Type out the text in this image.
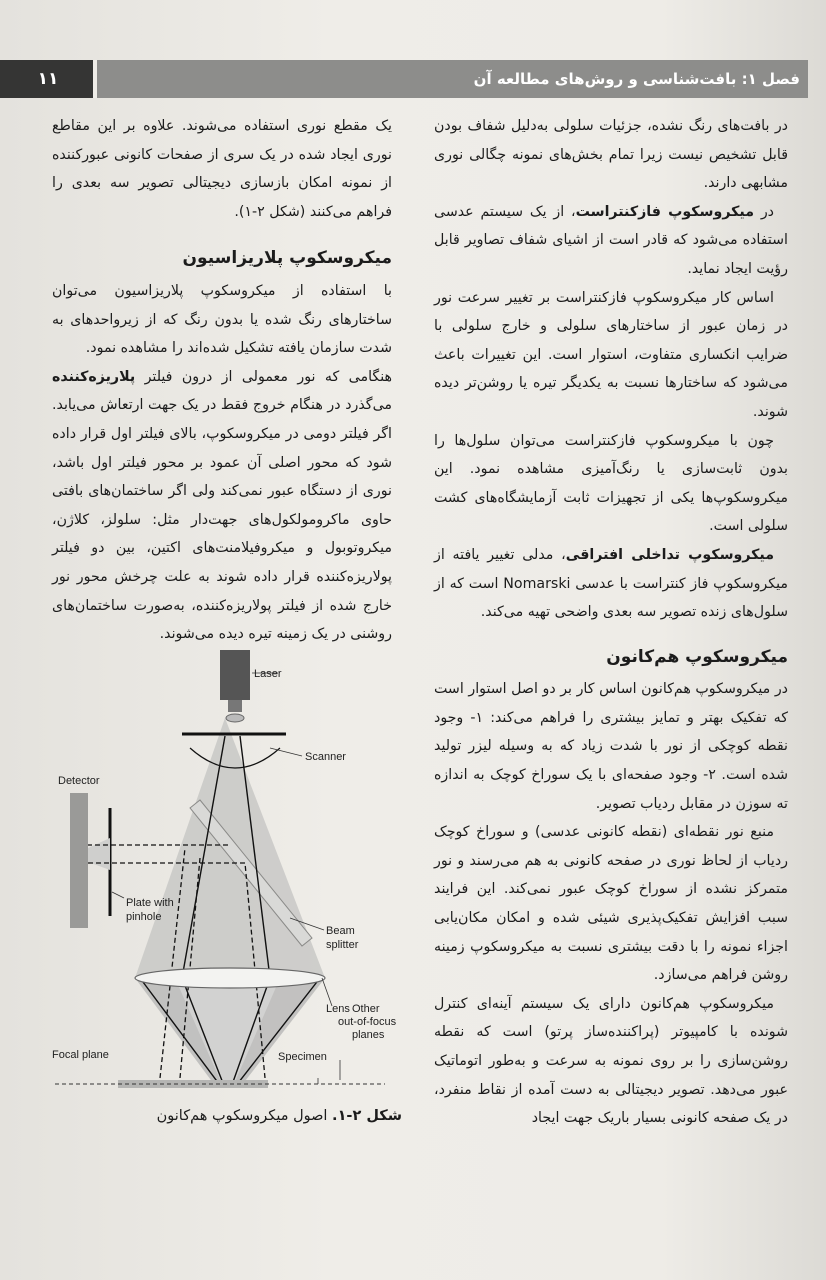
۱۱	فصل ۱: بافت‌شناسی و روش‌های مطالعه آن

در بافت‌های رنگ نشده، جزئیات سلولی به‌دلیل شفاف بودن قابل تشخیص نیست زیرا تمام بخش‌های نمونه چگالی نوری مشابهی دارند.

در میکروسکوپ فازکنتراست، از یک سیستم عدسی استفاده می‌شود که قادر است از اشیای شفاف تصاویر قابل رؤیت ایجاد نماید.

اساس کار میکروسکوپ فازکنتراست بر تغییر سرعت نور در زمان عبور از ساختارهای سلولی و خارج سلولی با ضرایب انکساری متفاوت، استوار است. این تغییرات باعث می‌شود که ساختارها نسبت به یکدیگر تیره یا روشن‌تر دیده شوند.

چون با میکروسکوپ فازکنتراست می‌توان سلول‌ها را بدون ثابت‌سازی یا رنگ‌آمیزی مشاهده نمود. این میکروسکوپ‌ها یکی از تجهیزات ثابت آزمایشگاه‌های کشت سلولی است.

میکروسکوپ تداخلی افتراقی، مدلی تغییر یافته از میکروسکوپ فاز کنتراست با عدسی Nomarski است که از سلول‌های زنده تصویر سه بعدی واضحی تهیه می‌کند.

میکروسکوپ هم‌کانون

در میکروسکوپ هم‌کانون اساس کار بر دو اصل استوار است که تفکیک بهتر و تمایز بیشتری را فراهم می‌کند: ۱- وجود نقطه کوچکی از نور با شدت زیاد که به وسیله لیزر تولید شده است. ۲- وجود صفحه‌ای با یک سوراخ کوچک به اندازه ته سوزن در مقابل ردیاب تصویر.

منبع نور نقطه‌ای (نقطه کانونی عدسی) و سوراخ کوچک ردیاب از لحاظ نوری در صفحه کانونی به هم می‌رسند و نور متمرکز نشده از سوراخ کوچک عبور نمی‌کند. این فرایند سبب افزایش تفکیک‌پذیری شیئی شده و امکان مکان‌یابی اجزاء نمونه را با دقت بیشتری نسبت به میکروسکوپ زمینه روشن فراهم می‌سازد.

میکروسکوپ هم‌کانون دارای یک سیستم آینه‌ای کنترل شونده با کامپیوتر (پراکننده‌ساز پرتو) است که نقطه روشن‌سازی را بر روی نمونه به سرعت و به‌طور اتوماتیک عبور می‌دهد. تصویر دیجیتالی به دست آمده از نقاط منفرد، در یک صفحه کانونی بسیار باریک جهت ایجاد

یک مقطع نوری استفاده می‌شوند. علاوه بر این مقاطع نوری ایجاد شده در یک سری از صفحات کانونی عبورکننده از نمونه امکان بازسازی دیجیتالی تصویر سه بعدی را فراهم می‌کنند (شکل ۲-۱).

میکروسکوپ پلاریزاسیون

با استفاده از میکروسکوپ پلاریزاسیون می‌توان ساختارهای رنگ شده یا بدون رنگ که از زیرواحدهای به شدت سازمان یافته تشکیل شده‌اند را مشاهده نمود.

هنگامی که نور معمولی از درون فیلتر پلاریزه‌کننده می‌گذرد در هنگام خروج فقط در یک جهت ارتعاش می‌یابد. اگر فیلتر دومی در میکروسکوپ، بالای فیلتر اول قرار داده شود که محور اصلی آن عمود بر محور فیلتر اول باشد، نوری از دستگاه عبور نمی‌کند ولی اگر ساختمان‌های بافتی حاوی ماکرومولکول‌های جهت‌دار مثل: سلولز، کلاژن، میکروتوبول و میکروفیلامنت‌های اکتین، بین دو فیلتر پولاریزه‌کننده قرار داده شوند به علت چرخش محور نور خارج شده از فیلتر پولاریزه‌کننده، به‌صورت ساختمان‌های روشنی در یک زمینه تیره دیده می‌شوند.

Laser
Scanner
Detector
Plate with
pinhole
Beam
splitter
Lens Other
out-of-focus
planes
Focal plane	Specimen
شکل ۲-۱. اصول میکروسکوپ هم‌کانون
